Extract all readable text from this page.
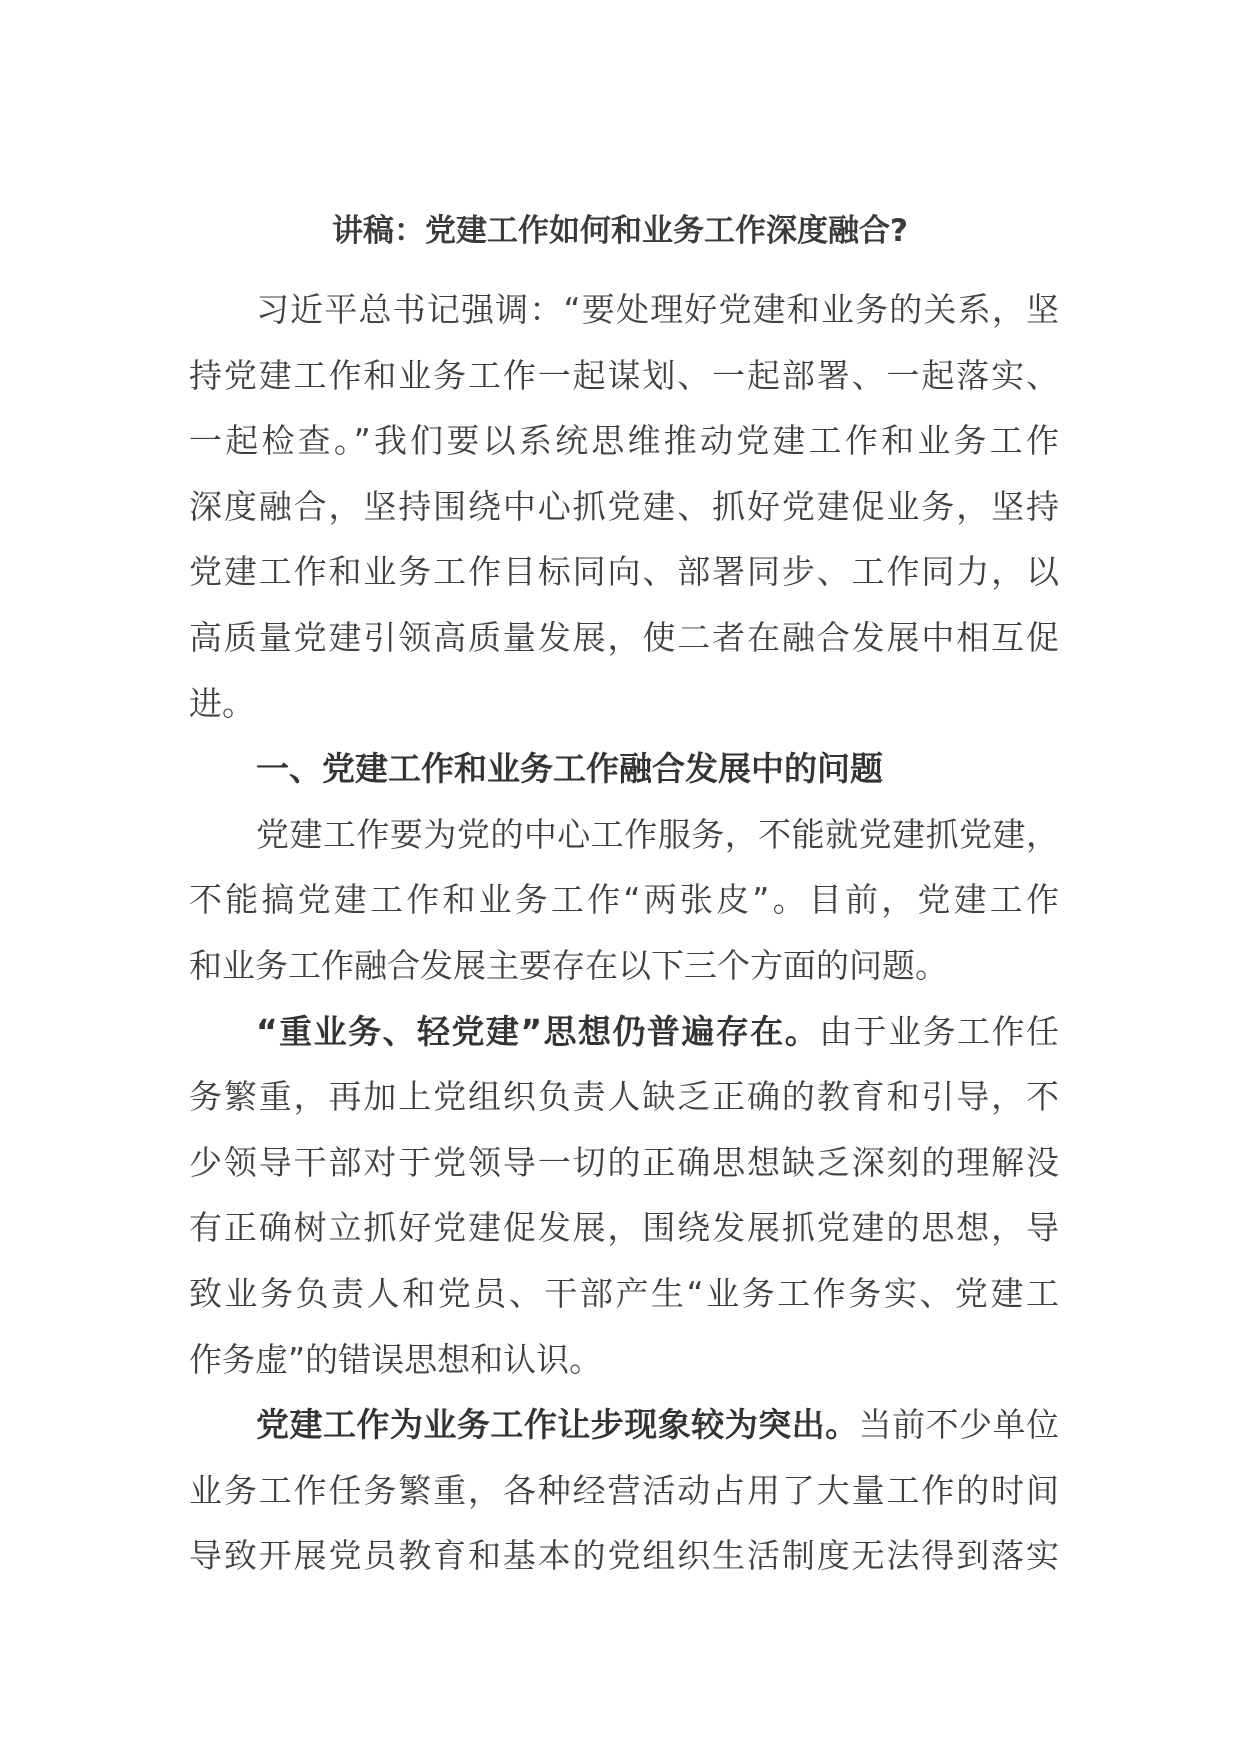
讲稿：党建工作如何和业务工作深度融合?
习近平总书记强调：“要处理好党建和业务的关系，坚
持党建工作和业务工作一起谋划、一起部署、一起落实、
一起检查。”我们要以系统思维推动党建工作和业务工作
深度融合，坚持围绕中心抓党建、抓好党建促业务，坚持
党建工作和业务工作目标同向、部署同步、工作同力，以
高质量党建引领高质量发展，使二者在融合发展中相互促
进。
一、党建工作和业务工作融合发展中的问题
党建工作要为党的中心工作服务，不能就党建抓党建，
不能搞党建工作和业务工作“两张皮”。目前，党建工作
和业务工作融合发展主要存在以下三个方面的问题。
“重业务、轻党建”思想仍普遍存在。由于业务工作任
务繁重，再加上党组织负责人缺乏正确的教育和引导，不
少领导干部对于党领导一切的正确思想缺乏深刻的理解没
有正确树立抓好党建促发展，围绕发展抓党建的思想，导
致业务负责人和党员、干部产生“业务工作务实、党建工
作务虚”的错误思想和认识。
党建工作为业务工作让步现象较为突出。当前不少单位
业务工作任务繁重，各种经营活动占用了大量工作的时间
导致开展党员教育和基本的党组织生活制度无法得到落实
